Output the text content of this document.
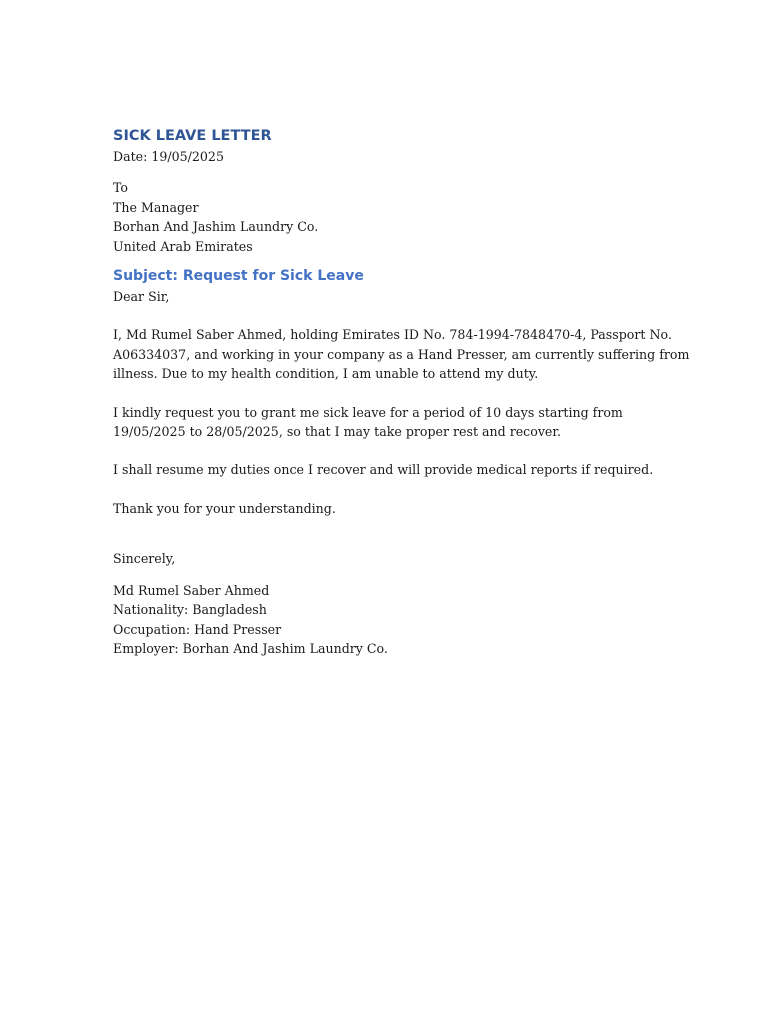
SICK LEAVE LETTER
Date: 19/05/2025
To
The Manager
Borhan And Jashim Laundry Co.
United Arab Emirates
Subject: Request for Sick Leave
Dear Sir,
I, Md Rumel Saber Ahmed, holding Emirates ID No. 784-1994-7848470-4, Passport No.
A06334037, and working in your company as a Hand Presser, am currently suffering from
illness. Due to my health condition, I am unable to attend my duty.
I kindly request you to grant me sick leave for a period of 10 days starting from
19/05/2025 to 28/05/2025, so that I may take proper rest and recover.
I shall resume my duties once I recover and will provide medical reports if required.
Thank you for your understanding.
Sincerely,
Md Rumel Saber Ahmed
Nationality: Bangladesh
Occupation: Hand Presser
Employer: Borhan And Jashim Laundry Co.
